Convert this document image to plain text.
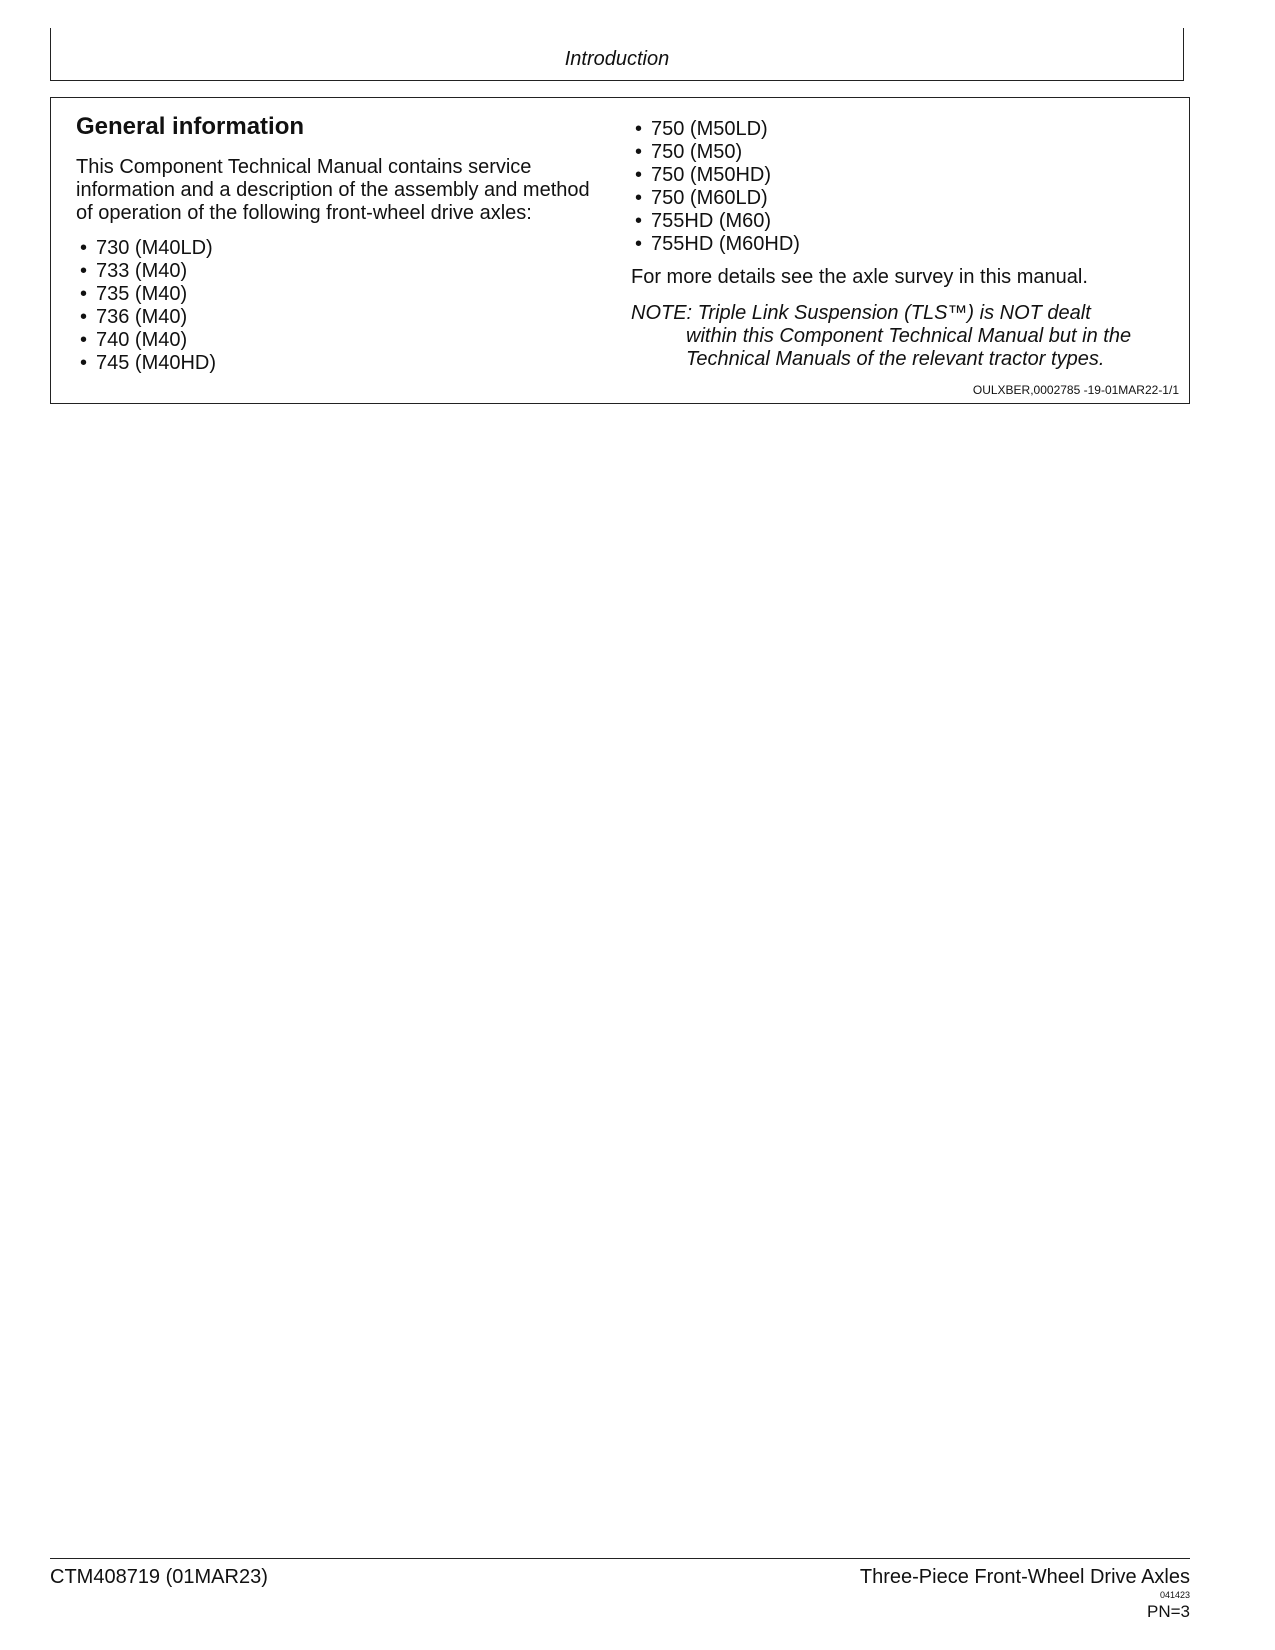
Introduction
General information

This Component Technical Manual contains service information and a description of the assembly and method of operation of the following front-wheel drive axles:

• 730 (M40LD)
• 733 (M40)
• 735 (M40)
• 736 (M40)
• 740 (M40)
• 745 (M40HD)
• 750 (M50LD)
• 750 (M50)
• 750 (M50HD)
• 750 (M60LD)
• 755HD (M60)
• 755HD (M60HD)

For more details see the axle survey in this manual.

NOTE: Triple Link Suspension (TLS™) is NOT dealt
within this Component Technical Manual but in the
Technical Manuals of the relevant tractor types.
OULXBER,0002785 -19-01MAR22-1/1
CTM408719 (01MAR23)	Three-Piece Front-Wheel Drive Axles
041423
PN=3
